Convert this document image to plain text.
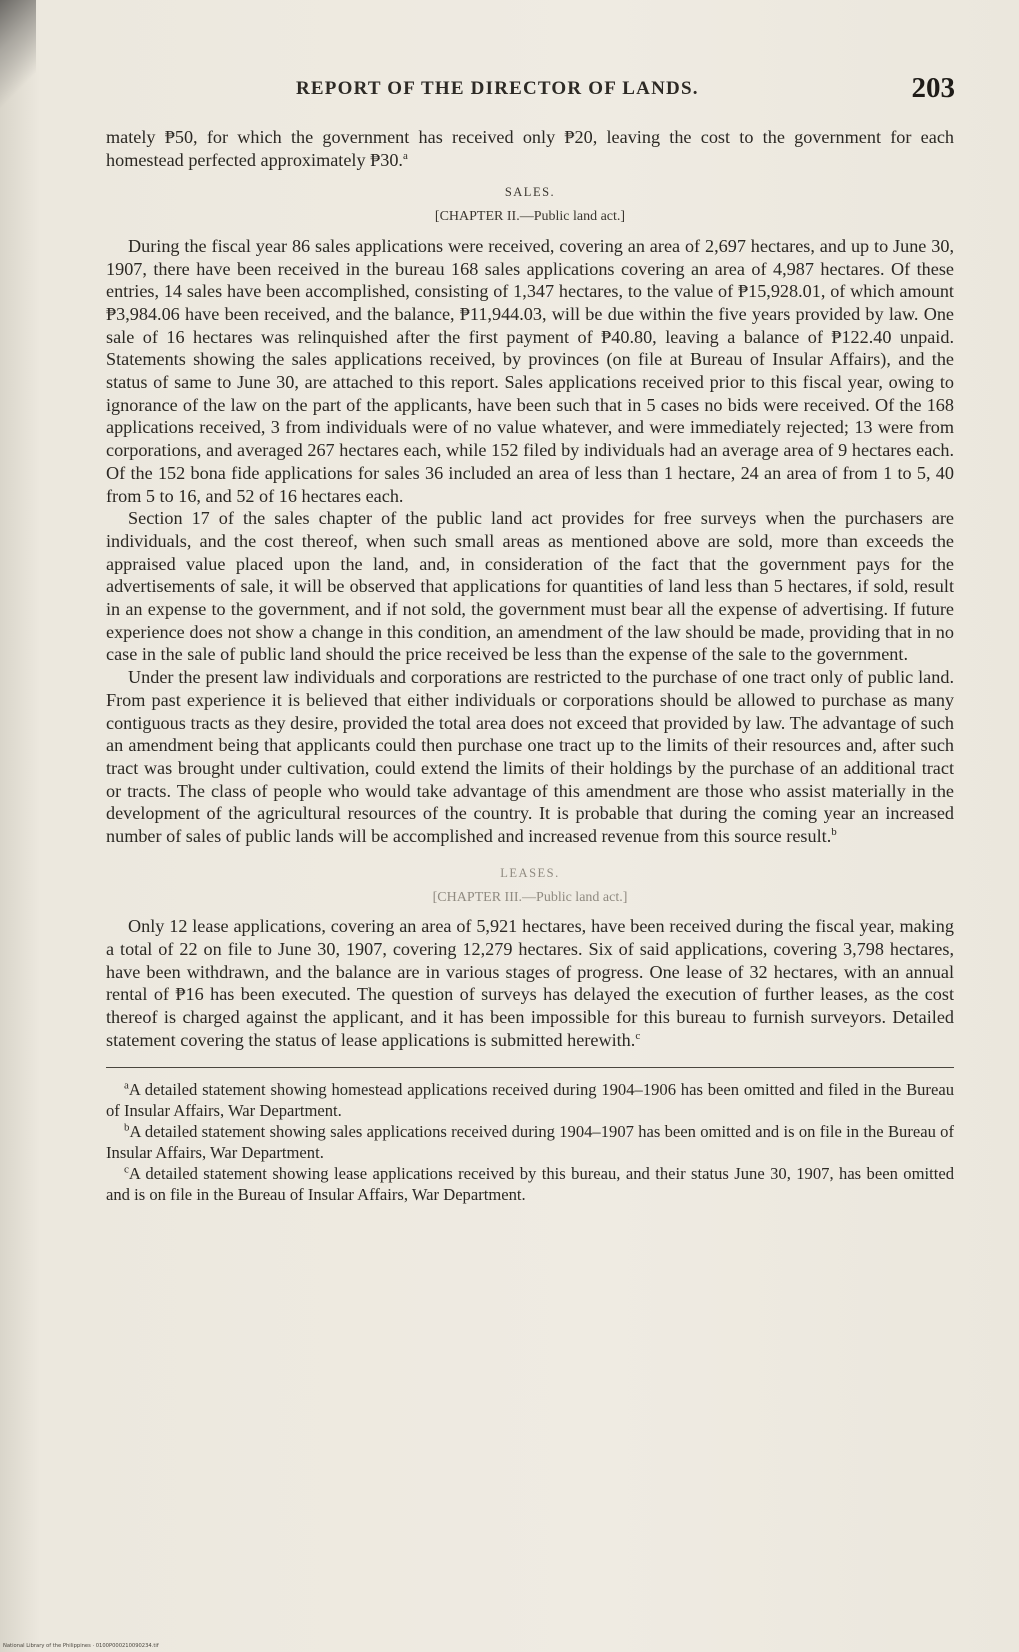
REPORT OF THE DIRECTOR OF LANDS.	203

mately ₱50, for which the government has received only ₱20, leaving the cost to the government for each homestead perfected approximately ₱30.$^a$

SALES.
[CHAPTER II.—Public land act.]

During the fiscal year 86 sales applications were received, covering an area of 2,697 hectares, and up to June 30, 1907, there have been received in the bureau 168 sales applications covering an area of 4,987 hectares. Of these entries, 14 sales have been accomplished, consisting of 1,347 hectares, to the value of ₱15,928.01, of which amount ₱3,984.06 have been received, and the balance, ₱11,944.03, will be due within the five years provided by law. One sale of 16 hectares was relinquished after the first payment of ₱40.80, leaving a balance of ₱122.40 unpaid. Statements showing the sales applications received, by provinces (on file at Bureau of Insular Affairs), and the status of same to June 30, are attached to this report. Sales applications received prior to this fiscal year, owing to ignorance of the law on the part of the applicants, have been such that in 5 cases no bids were received. Of the 168 applications received, 3 from individuals were of no value whatever, and were immediately rejected; 13 were from corporations, and averaged 267 hectares each, while 152 filed by individuals had an average area of 9 hectares each. Of the 152 bona fide applications for sales 36 included an area of less than 1 hectare, 24 an area of from 1 to 5, 40 from 5 to 16, and 52 of 16 hectares each.

Section 17 of the sales chapter of the public land act provides for free surveys when the purchasers are individuals, and the cost thereof, when such small areas as mentioned above are sold, more than exceeds the appraised value placed upon the land, and, in consideration of the fact that the government pays for the advertisements of sale, it will be observed that applications for quantities of land less than 5 hectares, if sold, result in an expense to the government, and if not sold, the government must bear all the expense of advertising. If future experience does not show a change in this condition, an amendment of the law should be made, providing that in no case in the sale of public land should the price received be less than the expense of the sale to the government.

Under the present law individuals and corporations are restricted to the purchase of one tract only of public land. From past experience it is believed that either individuals or corporations should be allowed to purchase as many contiguous tracts as they desire, provided the total area does not exceed that provided by law. The advantage of such an amendment being that applicants could then purchase one tract up to the limits of their resources and, after such tract was brought under cultivation, could extend the limits of their holdings by the purchase of an additional tract or tracts. The class of people who would take advantage of this amendment are those who assist materially in the development of the agricultural resources of the country. It is probable that during the coming year an increased number of sales of public lands will be accomplished and increased revenue from this source result.$^b$

LEASES.
[CHAPTER III.—Public land act.]

Only 12 lease applications, covering an area of 5,921 hectares, have been received during the fiscal year, making a total of 22 on file to June 30, 1907, covering 12,279 hectares. Six of said applications, covering 3,798 hectares, have been withdrawn, and the balance are in various stages of progress. One lease of 32 hectares, with an annual rental of ₱16 has been executed. The question of surveys has delayed the execution of further leases, as the cost thereof is charged against the applicant, and it has been impossible for this bureau to furnish surveyors. Detailed statement covering the status of lease applications is submitted herewith.$^c$

$^a$A detailed statement showing homestead applications received during 1904–1906 has been omitted and filed in the Bureau of Insular Affairs, War Department.

$^b$A detailed statement showing sales applications received during 1904–1907 has been omitted and is on file in the Bureau of Insular Affairs, War Department.

$^c$A detailed statement showing lease applications received by this bureau, and their status June 30, 1907, has been omitted and is on file in the Bureau of Insular Affairs, War Department.

National Library of the Philippines · 0100P000210090234.tif
